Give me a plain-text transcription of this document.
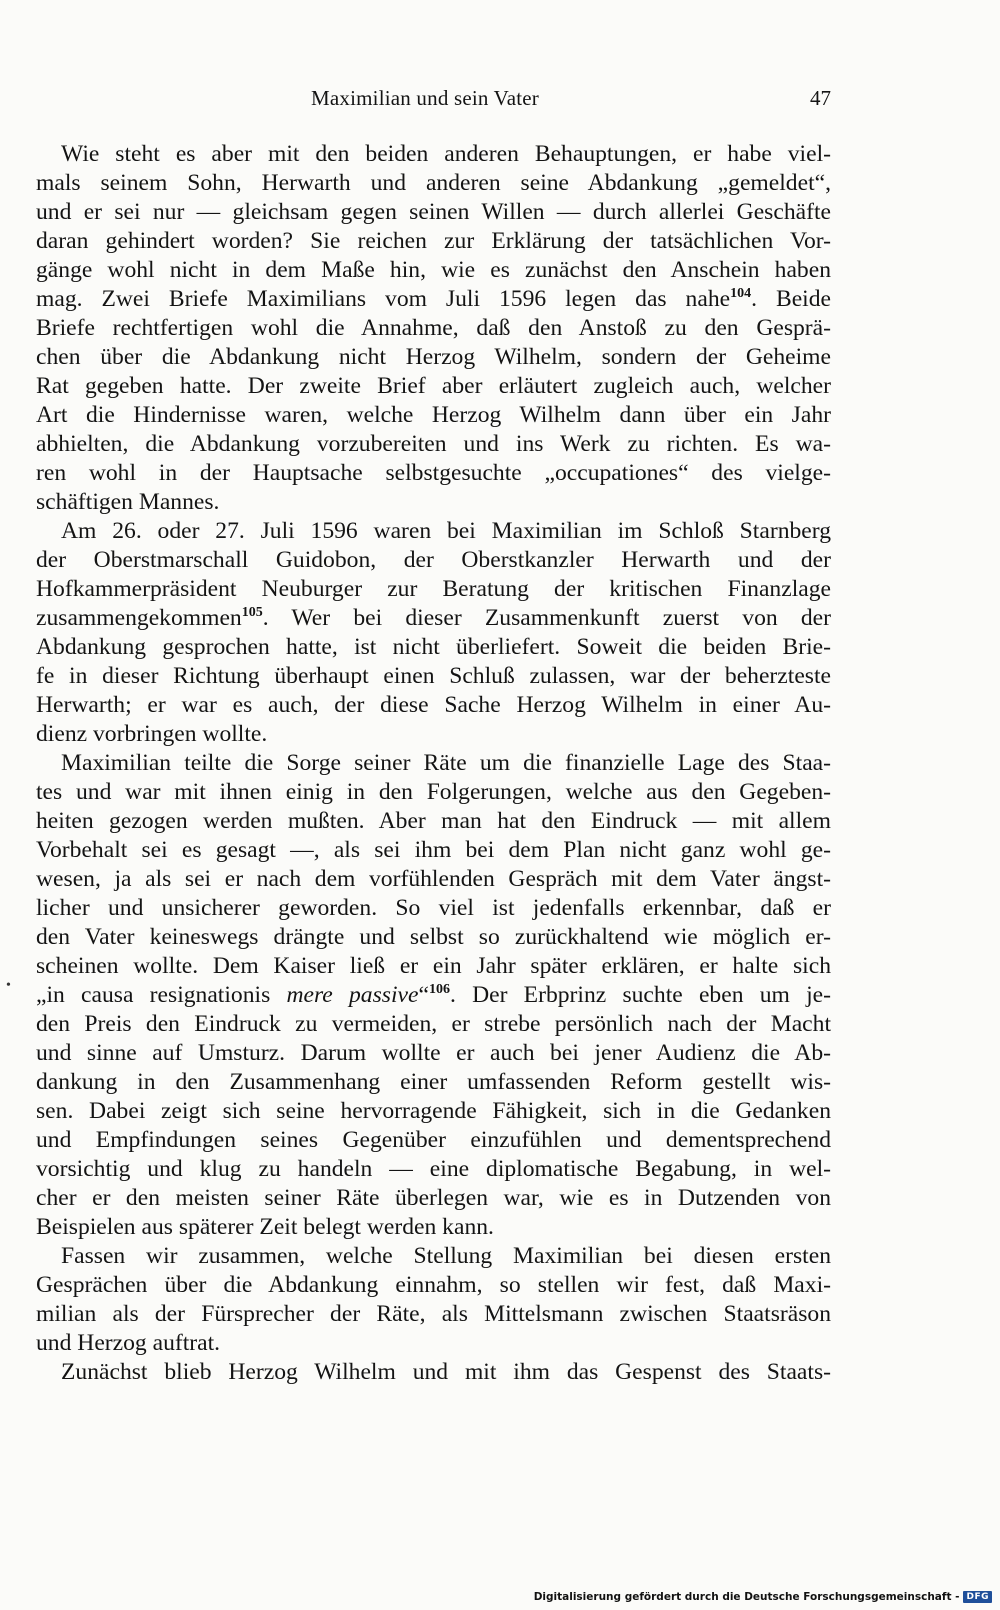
Maximilian und sein Vater	47
Wie steht es aber mit den beiden anderen Behauptungen, er habe viel-
mals seinem Sohn, Herwarth und anderen seine Abdankung „gemeldet“,
und er sei nur — gleichsam gegen seinen Willen — durch allerlei Geschäfte
daran gehindert worden? Sie reichen zur Erklärung der tatsächlichen Vor-
gänge wohl nicht in dem Maße hin, wie es zunächst den Anschein haben
mag. Zwei Briefe Maximilians vom Juli 1596 legen das nahe$^{104}$. Beide
Briefe rechtfertigen wohl die Annahme, daß den Anstoß zu den Gesprä-
chen über die Abdankung nicht Herzog Wilhelm, sondern der Geheime
Rat gegeben hatte. Der zweite Brief aber erläutert zugleich auch, welcher
Art die Hindernisse waren, welche Herzog Wilhelm dann über ein Jahr
abhielten, die Abdankung vorzubereiten und ins Werk zu richten. Es wa-
ren wohl in der Hauptsache selbstgesuchte „occupationes“ des vielge-
schäftigen Mannes.
Am 26. oder 27. Juli 1596 waren bei Maximilian im Schloß Starnberg
der Oberstmarschall Guidobon, der Oberstkanzler Herwarth und der
Hofkammerpräsident Neuburger zur Beratung der kritischen Finanzlage
zusammengekommen$^{105}$. Wer bei dieser Zusammenkunft zuerst von der
Abdankung gesprochen hatte, ist nicht überliefert. Soweit die beiden Brie-
fe in dieser Richtung überhaupt einen Schluß zulassen, war der beherzteste
Herwarth; er war es auch, der diese Sache Herzog Wilhelm in einer Au-
dienz vorbringen wollte.
Maximilian teilte die Sorge seiner Räte um die finanzielle Lage des Staa-
tes und war mit ihnen einig in den Folgerungen, welche aus den Gegeben-
heiten gezogen werden mußten. Aber man hat den Eindruck — mit allem
Vorbehalt sei es gesagt —, als sei ihm bei dem Plan nicht ganz wohl ge-
wesen, ja als sei er nach dem vorfühlenden Gespräch mit dem Vater ängst-
licher und unsicherer geworden. So viel ist jedenfalls erkennbar, daß er
den Vater keineswegs drängte und selbst so zurückhaltend wie möglich er-
scheinen wollte. Dem Kaiser ließ er ein Jahr später erklären, er halte sich
„in causa resignationis mere passive“$^{106}$. Der Erbprinz suchte eben um je-
den Preis den Eindruck zu vermeiden, er strebe persönlich nach der Macht
und sinne auf Umsturz. Darum wollte er auch bei jener Audienz die Ab-
dankung in den Zusammenhang einer umfassenden Reform gestellt wis-
sen. Dabei zeigt sich seine hervorragende Fähigkeit, sich in die Gedanken
und Empfindungen seines Gegenüber einzufühlen und dementsprechend
vorsichtig und klug zu handeln — eine diplomatische Begabung, in wel-
cher er den meisten seiner Räte überlegen war, wie es in Dutzenden von
Beispielen aus späterer Zeit belegt werden kann.
Fassen wir zusammen, welche Stellung Maximilian bei diesen ersten
Gesprächen über die Abdankung einnahm, so stellen wir fest, daß Maxi-
milian als der Fürsprecher der Räte, als Mittelsmann zwischen Staatsräson
und Herzog auftrat.
Zunächst blieb Herzog Wilhelm und mit ihm das Gespenst des Staats-
•
Digitalisierung gefördert durch die Deutsche Forschungsgemeinschaft - DFG
